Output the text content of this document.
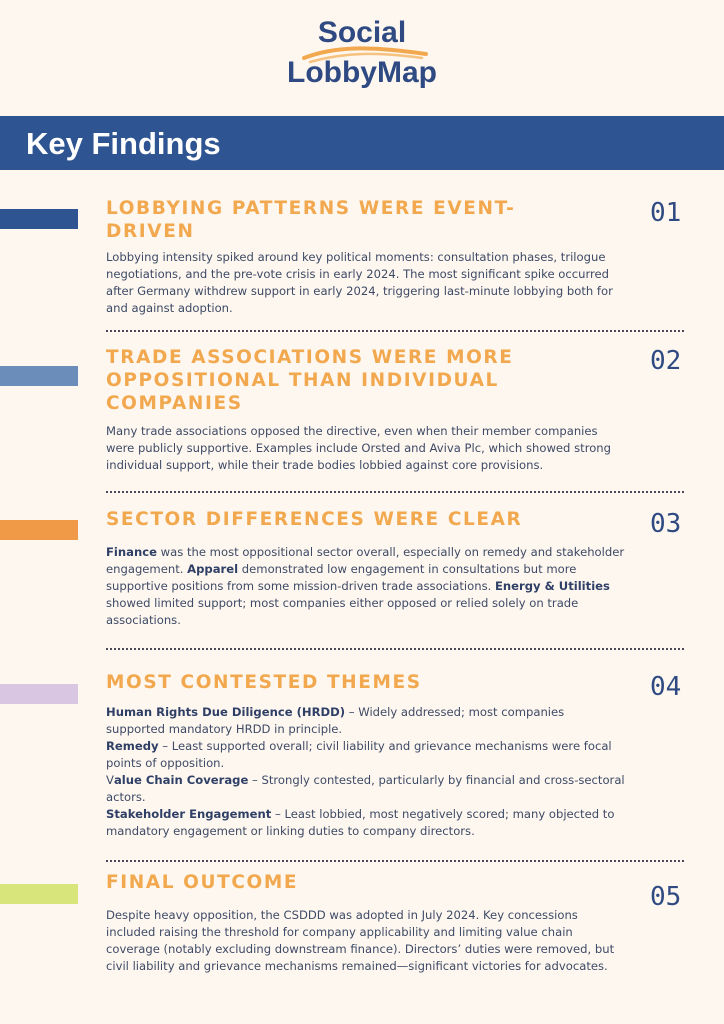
Social
LobbyMap
Key Findings
LOBBYING PATTERNS WERE EVENT-DRIVEN
01
Lobbying intensity spiked around key political moments: consultation phases, trilogue negotiations, and the pre-vote crisis in early 2024. The most significant spike occurred after Germany withdrew support in early 2024, triggering last-minute lobbying both for and against adoption.
TRADE ASSOCIATIONS WERE MORE OPPOSITIONAL THAN INDIVIDUAL COMPANIES
02
Many trade associations opposed the directive, even when their member companies were publicly supportive. Examples include Orsted and Aviva Plc, which showed strong individual support, while their trade bodies lobbied against core provisions.
SECTOR DIFFERENCES WERE CLEAR	03
Finance was the most oppositional sector overall, especially on remedy and stakeholder engagement. Apparel demonstrated low engagement in consultations but more supportive positions from some mission-driven trade associations. Energy & Utilities showed limited support; most companies either opposed or relied solely on trade associations.
MOST CONTESTED THEMES	04
Human Rights Due Diligence (HRDD) – Widely addressed; most companies supported mandatory HRDD in principle.
Remedy – Least supported overall; civil liability and grievance mechanisms were focal points of opposition.
Value Chain Coverage – Strongly contested, particularly by financial and cross-sectoral actors.
Stakeholder Engagement – Least lobbied, most negatively scored; many objected to mandatory engagement or linking duties to company directors.
FINAL OUTCOME	05
Despite heavy opposition, the CSDDD was adopted in July 2024. Key concessions included raising the threshold for company applicability and limiting value chain coverage (notably excluding downstream finance). Directors’ duties were removed, but civil liability and grievance mechanisms remained—significant victories for advocates.
